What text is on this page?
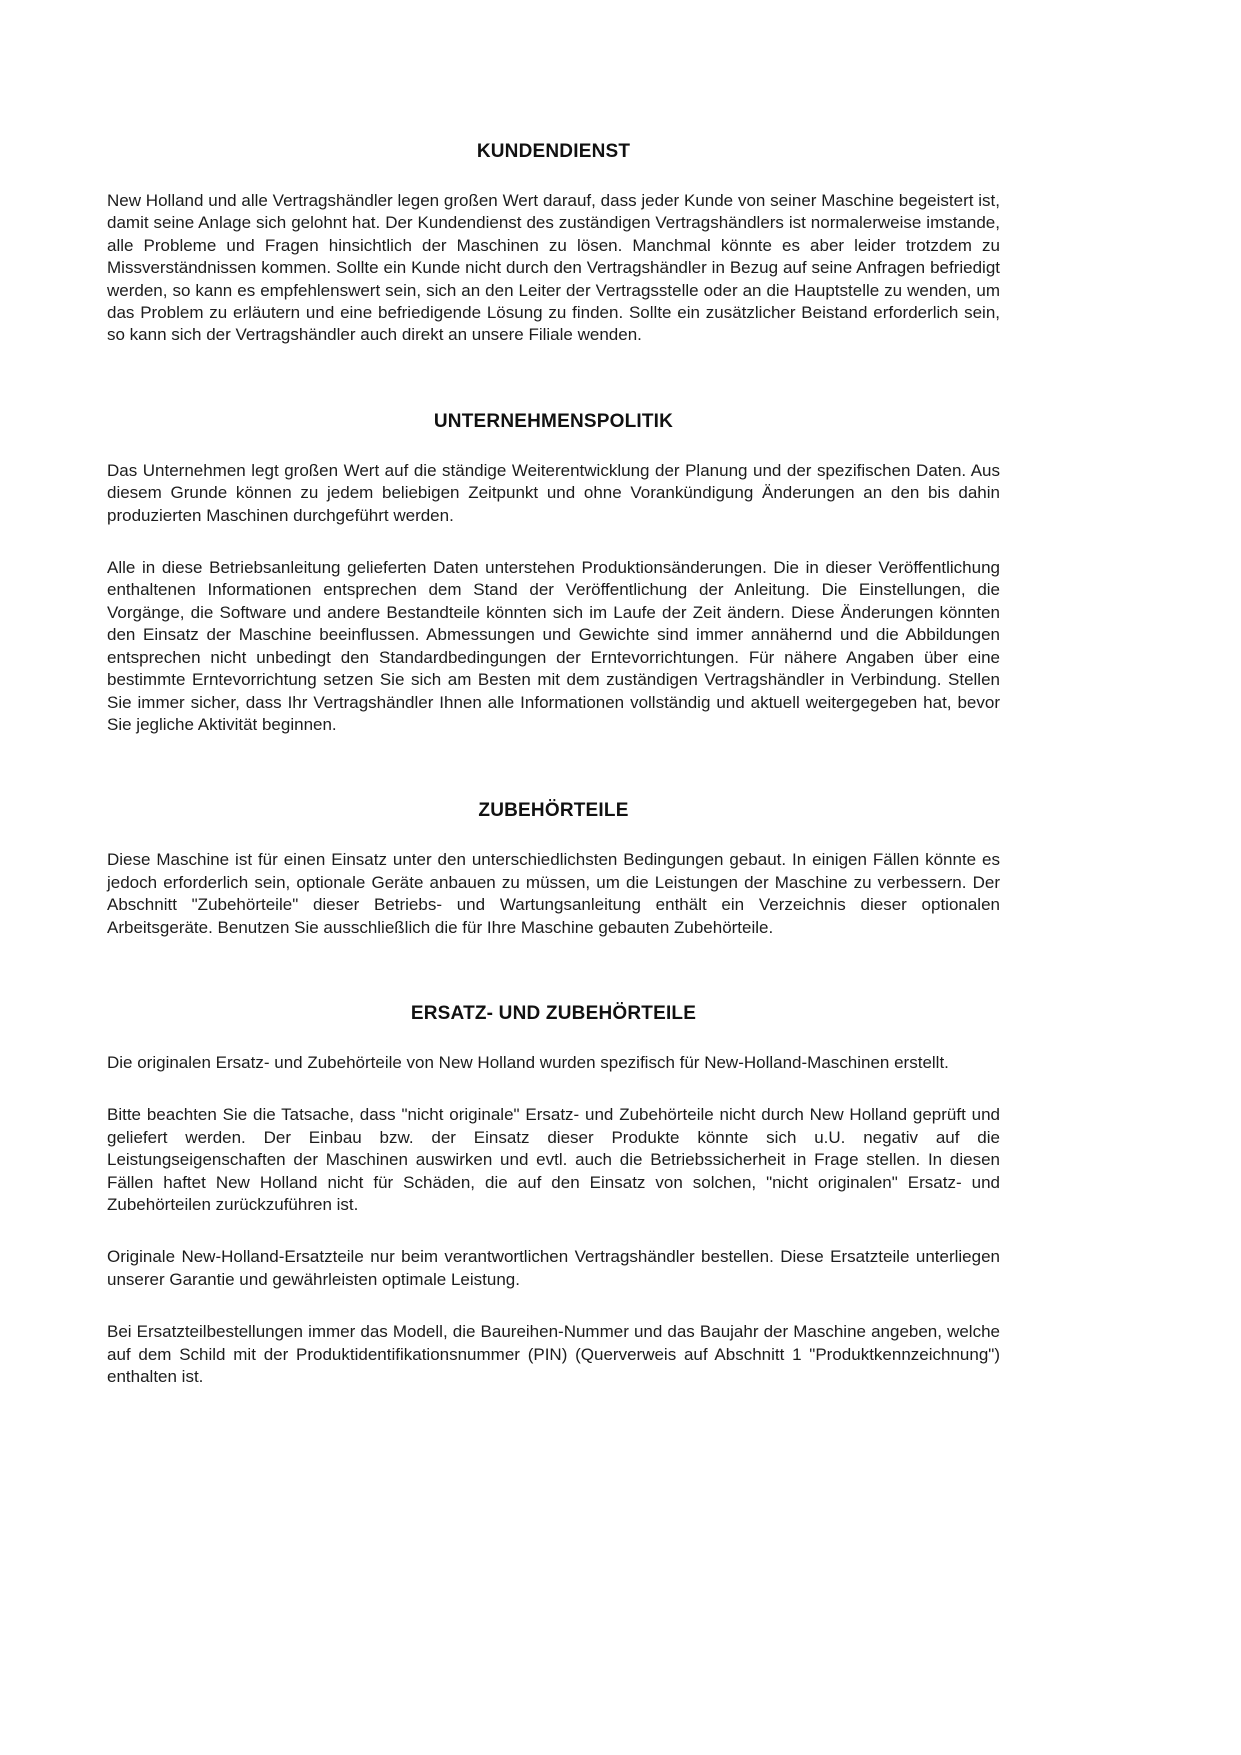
KUNDENDIENST

New Holland und alle Vertragshändler legen großen Wert darauf, dass jeder Kunde von seiner Maschine begeistert ist, damit seine Anlage sich gelohnt hat. Der Kundendienst des zuständigen Vertragshändlers ist normalerweise imstande, alle Probleme und Fragen hinsichtlich der Maschinen zu lösen. Manchmal könnte es aber leider trotzdem zu Missverständnissen kommen. Sollte ein Kunde nicht durch den Vertragshändler in Bezug auf seine Anfragen befriedigt werden, so kann es empfehlenswert sein, sich an den Leiter der Vertragsstelle oder an die Hauptstelle zu wenden, um das Problem zu erläutern und eine befriedigende Lösung zu finden. Sollte ein zusätzlicher Beistand erforderlich sein, so kann sich der Vertragshändler auch direkt an unsere Filiale wenden.

UNTERNEHMENSPOLITIK

Das Unternehmen legt großen Wert auf die ständige Weiterentwicklung der Planung und der spezifischen Daten. Aus diesem Grunde können zu jedem beliebigen Zeitpunkt und ohne Vorankündigung Änderungen an den bis dahin produzierten Maschinen durchgeführt werden.

Alle in diese Betriebsanleitung gelieferten Daten unterstehen Produktionsänderungen. Die in dieser Veröffentlichung enthaltenen Informationen entsprechen dem Stand der Veröffentlichung der Anleitung. Die Einstellungen, die Vorgänge, die Software und andere Bestandteile könnten sich im Laufe der Zeit ändern. Diese Änderungen könnten den Einsatz der Maschine beeinflussen. Abmessungen und Gewichte sind immer annähernd und die Abbildungen entsprechen nicht unbedingt den Standardbedingungen der Erntevorrichtungen. Für nähere Angaben über eine bestimmte Erntevorrichtung setzen Sie sich am Besten mit dem zuständigen Vertragshändler in Verbindung. Stellen Sie immer sicher, dass Ihr Vertragshändler Ihnen alle Informationen vollständig und aktuell weitergegeben hat, bevor Sie jegliche Aktivität beginnen.

ZUBEHÖRTEILE

Diese Maschine ist für einen Einsatz unter den unterschiedlichsten Bedingungen gebaut. In einigen Fällen könnte es jedoch erforderlich sein, optionale Geräte anbauen zu müssen, um die Leistungen der Maschine zu verbessern. Der Abschnitt "Zubehörteile" dieser Betriebs- und Wartungsanleitung enthält ein Verzeichnis dieser optionalen Arbeitsgeräte. Benutzen Sie ausschließlich die für Ihre Maschine gebauten Zubehörteile.

ERSATZ- UND ZUBEHÖRTEILE

Die originalen Ersatz- und Zubehörteile von New Holland wurden spezifisch für New-Holland-Maschinen erstellt.

Bitte beachten Sie die Tatsache, dass "nicht originale" Ersatz- und Zubehörteile nicht durch New Holland geprüft und geliefert werden. Der Einbau bzw. der Einsatz dieser Produkte könnte sich u.U. negativ auf die Leistungseigenschaften der Maschinen auswirken und evtl. auch die Betriebssicherheit in Frage stellen. In diesen Fällen haftet New Holland nicht für Schäden, die auf den Einsatz von solchen, "nicht originalen" Ersatz- und Zubehörteilen zurückzuführen ist.

Originale New-Holland-Ersatzteile nur beim verantwortlichen Vertragshändler bestellen. Diese Ersatzteile unterliegen unserer Garantie und gewährleisten optimale Leistung.

Bei Ersatzteilbestellungen immer das Modell, die Baureihen-Nummer und das Baujahr der Maschine angeben, welche auf dem Schild mit der Produktidentifikationsnummer (PIN) (Querverweis auf Abschnitt 1 "Produktkennzeichnung") enthalten ist.
